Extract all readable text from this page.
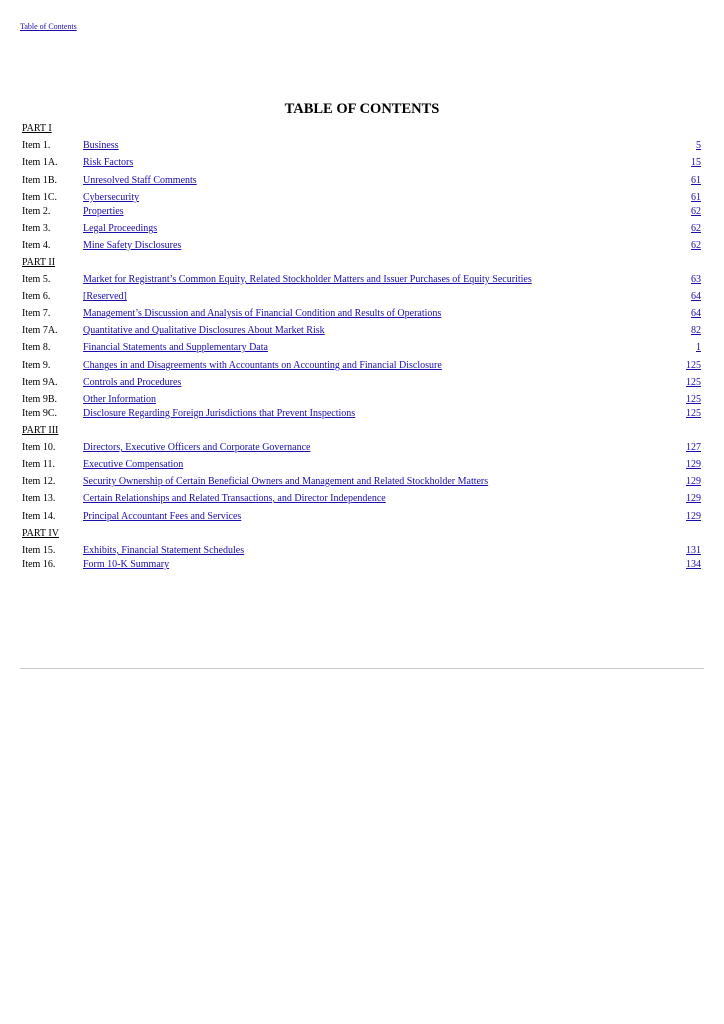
Table of Contents
TABLE OF CONTENTS
PART I
Item 1.	Business	5
Item 1A.	Risk Factors	15
Item 1B.	Unresolved Staff Comments	61
Item 1C.	Cybersecurity	61
Item 2.	Properties	62
Item 3.	Legal Proceedings	62
Item 4.	Mine Safety Disclosures	62
PART II
Item 5.	Market for Registrant’s Common Equity, Related Stockholder Matters and Issuer Purchases of Equity Securities	63
Item 6.	[Reserved]	64
Item 7.	Management’s Discussion and Analysis of Financial Condition and Results of Operations	64
Item 7A.	Quantitative and Qualitative Disclosures About Market Risk	82
Item 8.	Financial Statements and Supplementary Data	1
Item 9.	Changes in and Disagreements with Accountants on Accounting and Financial Disclosure	125
Item 9A.	Controls and Procedures	125
Item 9B.	Other Information	125
Item 9C.	Disclosure Regarding Foreign Jurisdictions that Prevent Inspections	125
PART III
Item 10.	Directors, Executive Officers and Corporate Governance	127
Item 11.	Executive Compensation	129
Item 12.	Security Ownership of Certain Beneficial Owners and Management and Related Stockholder Matters	129
Item 13.	Certain Relationships and Related Transactions, and Director Independence	129
Item 14.	Principal Accountant Fees and Services	129
PART IV
Item 15.	Exhibits, Financial Statement Schedules	131
Item 16.	Form 10-K Summary	134
